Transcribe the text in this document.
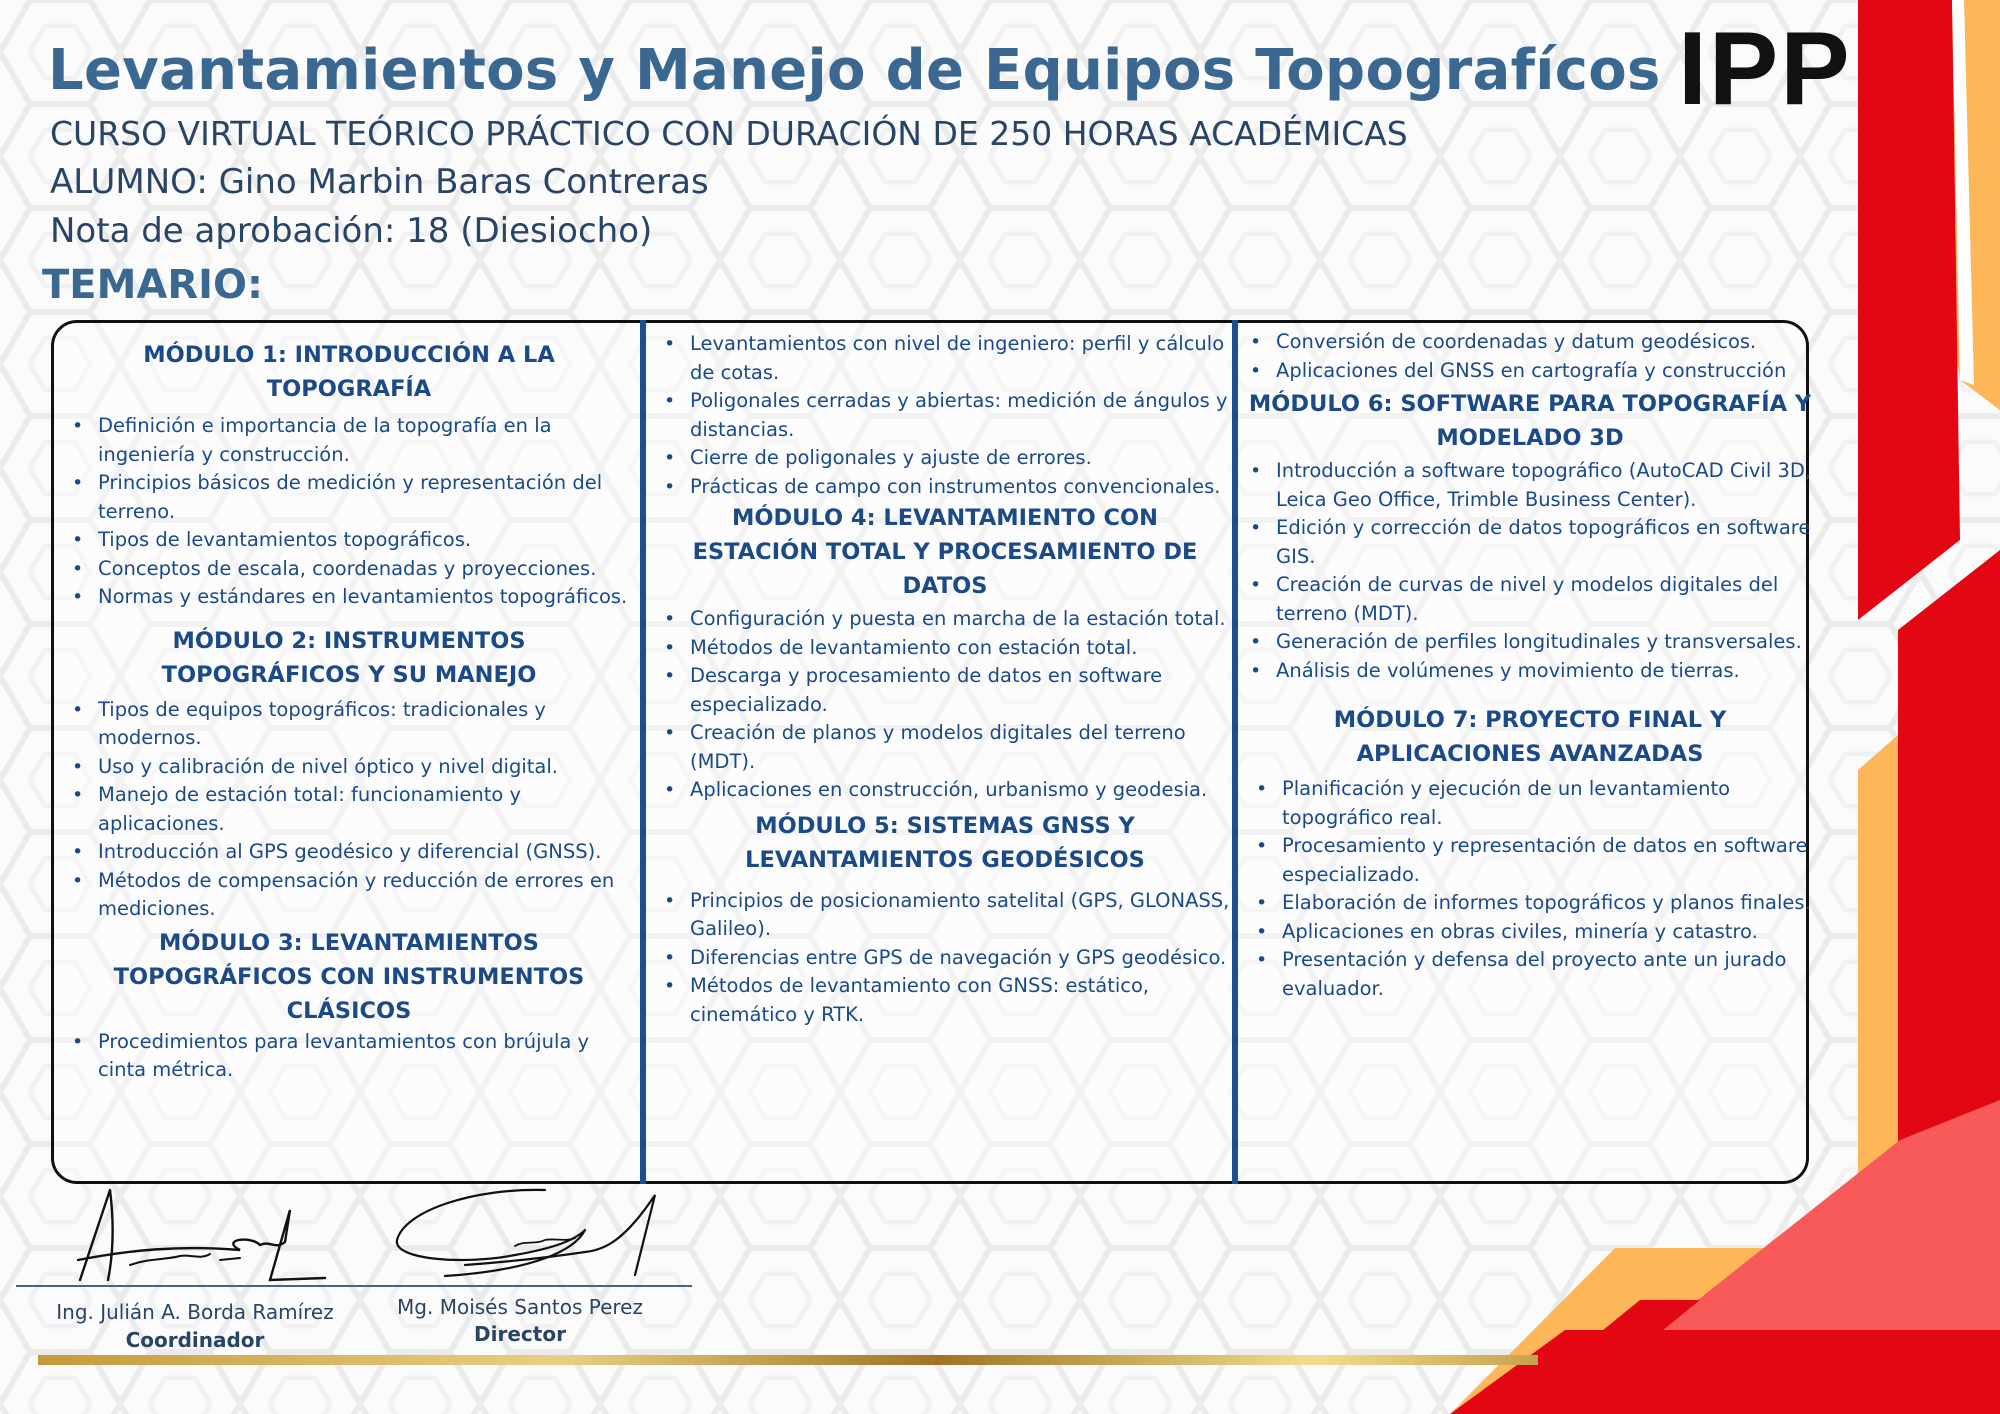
Levantamientos y Manejo de Equipos Topografícos IPP
CURSO VIRTUAL TEÓRICO PRÁCTICO CON DURACIÓN DE 250 HORAS ACADÉMICAS
ALUMNO: Gino Marbin Baras Contreras
Nota de aprobación: 18 (Diesiocho)
TEMARIO:
MÓDULO 1: INTRODUCCIÓN A LA TOPOGRAFÍA
• Definición e importancia de la topografía en la ingeniería y construcción.
• Principios básicos de medición y representación del terreno.
• Tipos de levantamientos topográficos.
• Conceptos de escala, coordenadas y proyecciones.
• Normas y estándares en levantamientos topográficos.
MÓDULO 2: INSTRUMENTOS TOPOGRÁFICOS Y SU MANEJO
• Tipos de equipos topográficos: tradicionales y modernos.
• Uso y calibración de nivel óptico y nivel digital.
• Manejo de estación total: funcionamiento y aplicaciones.
• Introducción al GPS geodésico y diferencial (GNSS).
• Métodos de compensación y reducción de errores en mediciones.
MÓDULO 3: LEVANTAMIENTOS TOPOGRÁFICOS CON INSTRUMENTOS CLÁSICOS
• Procedimientos para levantamientos con brújula y cinta métrica.
• Levantamientos con nivel de ingeniero: perfil y cálculo de cotas.
• Poligonales cerradas y abiertas: medición de ángulos y distancias.
• Cierre de poligonales y ajuste de errores.
• Prácticas de campo con instrumentos convencionales.
MÓDULO 4: LEVANTAMIENTO CON ESTACIÓN TOTAL Y PROCESAMIENTO DE DATOS
• Configuración y puesta en marcha de la estación total.
• Métodos de levantamiento con estación total.
• Descarga y procesamiento de datos en software especializado.
• Creación de planos y modelos digitales del terreno (MDT).
• Aplicaciones en construcción, urbanismo y geodesia.
MÓDULO 5: SISTEMAS GNSS Y LEVANTAMIENTOS GEODÉSICOS
• Principios de posicionamiento satelital (GPS, GLONASS, Galileo).
• Diferencias entre GPS de navegación y GPS geodésico.
• Métodos de levantamiento con GNSS: estático, cinemático y RTK.
• Conversión de coordenadas y datum geodésicos.
• Aplicaciones del GNSS en cartografía y construcción
MÓDULO 6: SOFTWARE PARA TOPOGRAFÍA Y MODELADO 3D
• Introducción a software topográfico (AutoCAD Civil 3D, Leica Geo Office, Trimble Business Center).
• Edición y corrección de datos topográficos en software GIS.
• Creación de curvas de nivel y modelos digitales del terreno (MDT).
• Generación de perfiles longitudinales y transversales.
• Análisis de volúmenes y movimiento de tierras.
MÓDULO 7: PROYECTO FINAL Y APLICACIONES AVANZADAS
• Planificación y ejecución de un levantamiento topográfico real.
• Procesamiento y representación de datos en software especializado.
• Elaboración de informes topográficos y planos finales.
• Aplicaciones en obras civiles, minería y catastro.
• Presentación y defensa del proyecto ante un jurado evaluador.
Ing. Julián A. Borda Ramírez
Coordinador
Mg. Moisés Santos Perez
Director
